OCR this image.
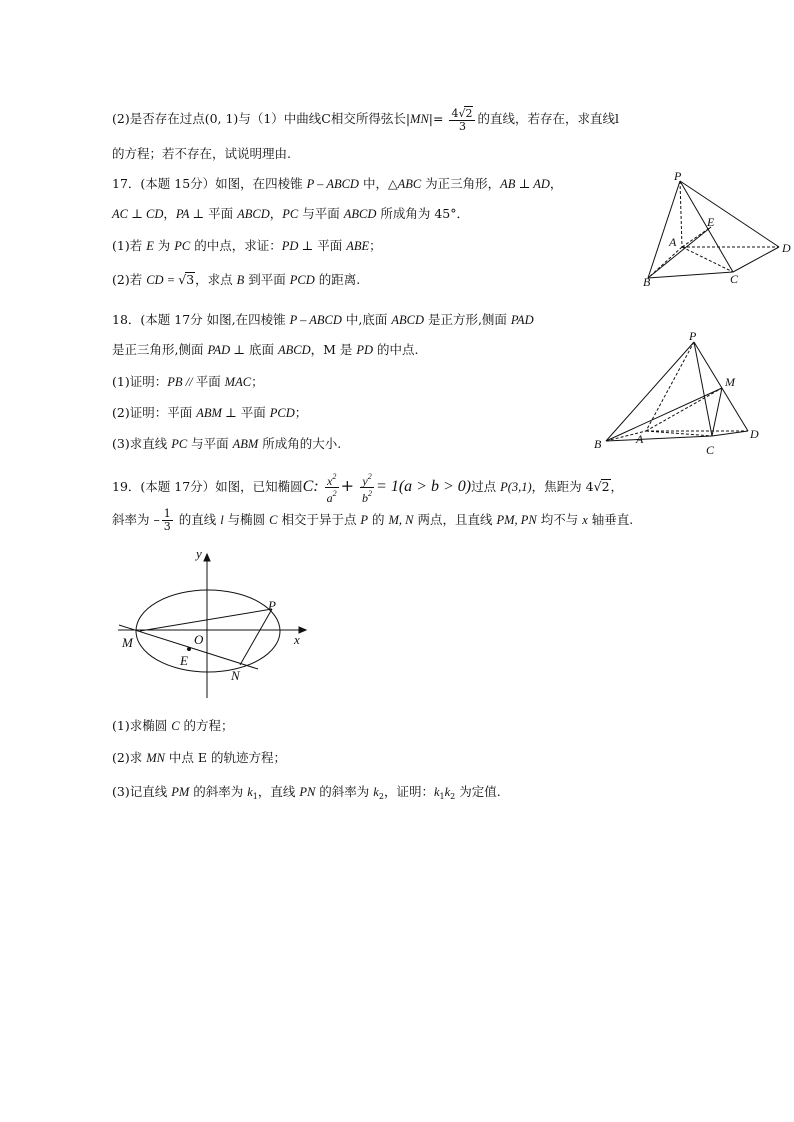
(2)是否存在过点(0, 1)与（1）中曲线C相交所得弦长$|MN|= \frac{4√2}{3}$ 的直线，若存在，求直线l
的方程；若不存在，试说明理由.
17．(本题 15分）如图，在四棱锥 P – ABCD 中，△ABC 为正三角形，AB ⊥ AD，
AC ⊥ CD，PA ⊥ 平面 ABCD，PC 与平面 ABCD 所成角为 45°．
(1)若 E 为 PC 的中点，求证：PD ⊥ 平面 ABE；
(2)若 CD = √3，求点 B 到平面 PCD 的距离.
P
E
A	D
B	C
18．(本题 17分 如图,在四棱锥 P – ABCD 中,底面 ABCD 是正方形,侧面 PAD
是正三角形,侧面 PAD ⊥ 底面 ABCD，M 是 PD 的中点.
(1)证明：PB // 平面 MAC；
(2)证明：平面 ABM ⊥ 平面 PCD；
(3)求直线 PC 与平面 ABM 所成角的大小.
P
M
A
B	C
D
19．(本题 17分）如图，已知椭圆C: $\frac{x^2}{a^2} + \frac{y^2}{b^2} = 1(a > b > 0)$过点 P(3,1)，焦距为 4√2，
斜率为 – $\frac{1}{3}$ 的直线 l 与椭圆 C 相交于异于点 P 的 M, N 两点，且直线 PM, PN 均不与 x 轴垂直.
y
x
O
P
M
E
N
(1)求椭圆 C 的方程；
(2)求 MN 中点 E 的轨迹方程；
(3)记直线 PM 的斜率为 $k_1$，直线 PN 的斜率为 $k_2$，证明：$k_1k_2$ 为定值.
